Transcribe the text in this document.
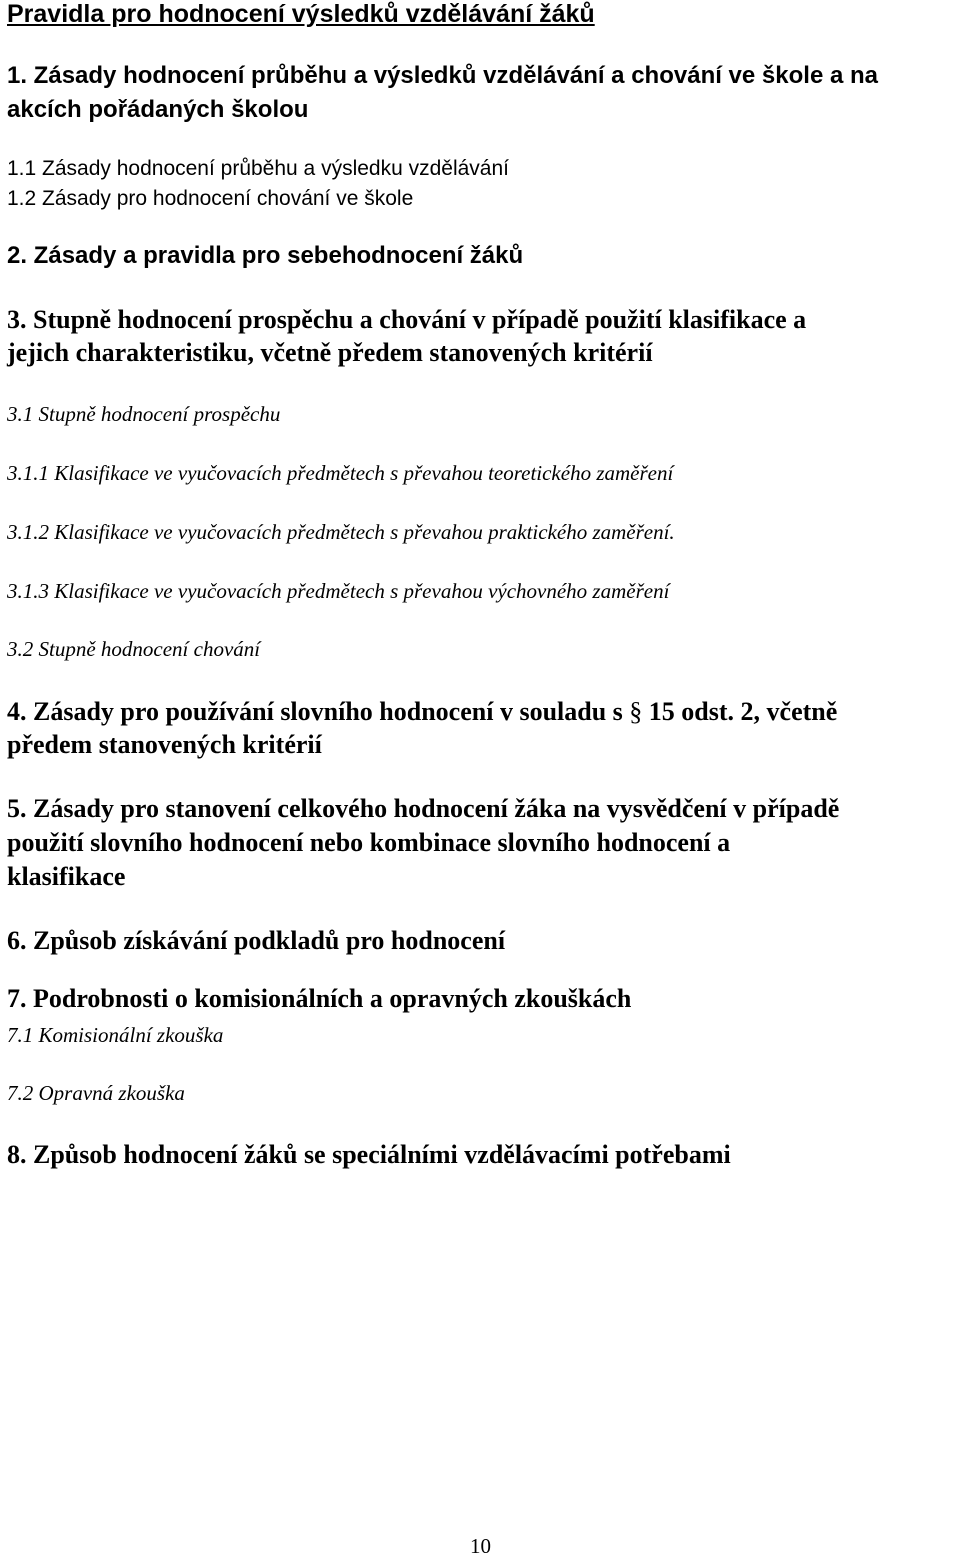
Pravidla pro hodnocení výsledků vzdělávání žáků

1. Zásady hodnocení průběhu a výsledků vzdělávání a chování ve škole a na

akcích pořádaných školou

1.1 Zásady hodnocení průběhu a výsledku vzdělávání

1.2 Zásady pro hodnocení chování ve škole

2. Zásady a pravidla pro sebehodnocení žáků

3. Stupně hodnocení prospěchu a chování v případě použití klasifikace a

jejich charakteristiku, včetně předem stanovených kritérií

3.1 Stupně hodnocení prospěchu

3.1.1 Klasifikace ve vyučovacích předmětech s převahou teoretického zaměření

3.1.2 Klasifikace ve vyučovacích předmětech s převahou praktického zaměření.

3.1.3 Klasifikace ve vyučovacích předmětech s převahou výchovného zaměření

3.2 Stupně hodnocení chování

4. Zásady pro používání slovního hodnocení v souladu s § 15 odst. 2, včetně

předem stanovených kritérií

5. Zásady pro stanovení celkového hodnocení žáka na vysvědčení v případě

použití slovního hodnocení nebo kombinace slovního hodnocení a

klasifikace

6. Způsob získávání podkladů pro hodnocení

7. Podrobnosti o komisionálních a opravných zkouškách

7.1 Komisionální zkouška

7.2 Opravná zkouška

8. Způsob hodnocení žáků se speciálními vzdělávacími potřebami

10
